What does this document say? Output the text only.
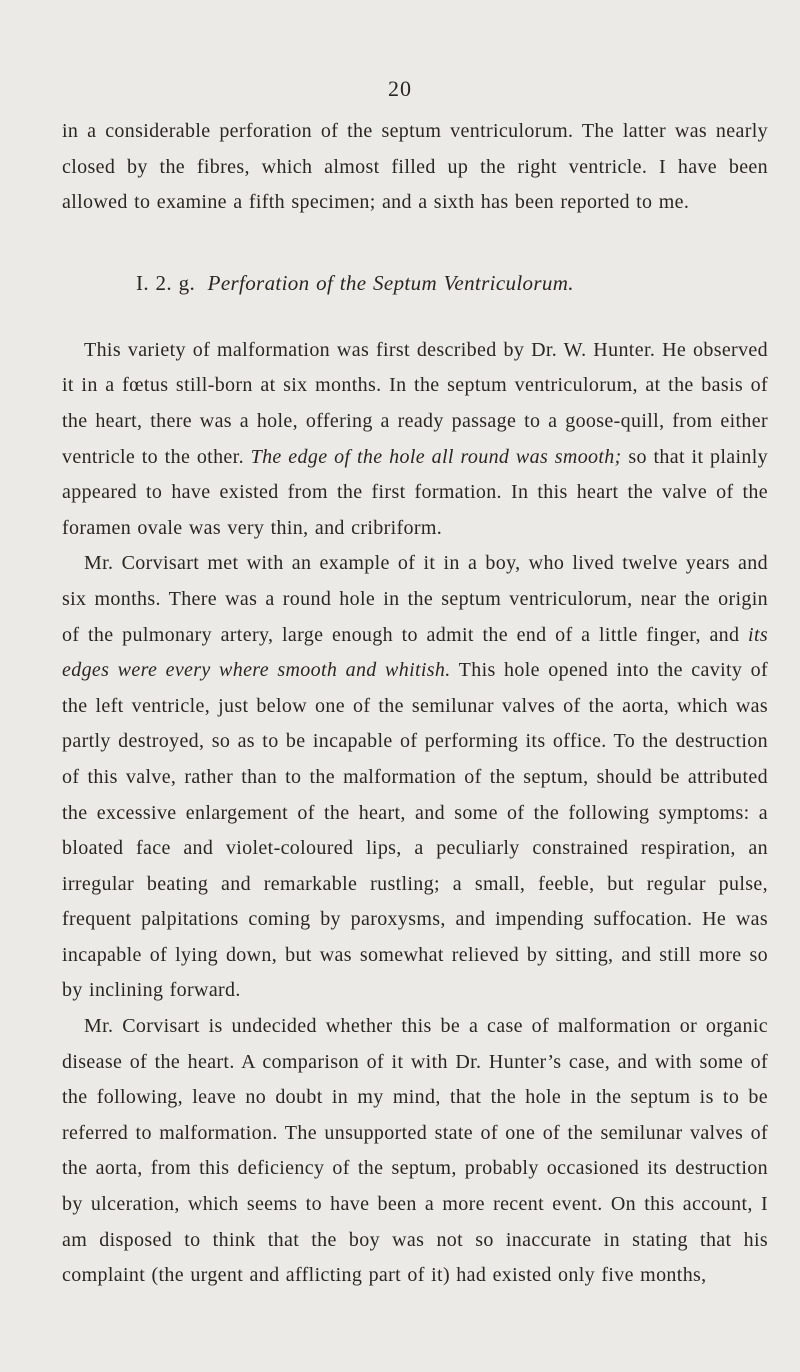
20

in a considerable perforation of the septum ventriculorum. The latter was nearly closed by the fibres, which almost filled up the right ventricle. I have been allowed to examine a fifth specimen; and a sixth has been reported to me.

I. 2. g. Perforation of the Septum Ventriculorum.

This variety of malformation was first described by Dr. W. Hunter. He observed it in a fœtus still-born at six months. In the septum ventriculorum, at the basis of the heart, there was a hole, offering a ready passage to a goose-quill, from either ventricle to the other. The edge of the hole all round was smooth; so that it plainly appeared to have existed from the first formation. In this heart the valve of the foramen ovale was very thin, and cribriform.

Mr. Corvisart met with an example of it in a boy, who lived twelve years and six months. There was a round hole in the septum ventriculorum, near the origin of the pulmonary artery, large enough to admit the end of a little finger, and its edges were every where smooth and whitish. This hole opened into the cavity of the left ventricle, just below one of the semilunar valves of the aorta, which was partly destroyed, so as to be incapable of performing its office. To the destruction of this valve, rather than to the malformation of the septum, should be attributed the excessive enlargement of the heart, and some of the following symptoms: a bloated face and violet-coloured lips, a peculiarly constrained respiration, an irregular beating and remarkable rustling; a small, feeble, but regular pulse, frequent palpitations coming by paroxysms, and impending suffocation. He was incapable of lying down, but was somewhat relieved by sitting, and still more so by inclining forward.

Mr. Corvisart is undecided whether this be a case of malformation or organic disease of the heart. A comparison of it with Dr. Hunter’s case, and with some of the following, leave no doubt in my mind, that the hole in the septum is to be referred to malformation. The unsupported state of one of the semilunar valves of the aorta, from this deficiency of the septum, probably occasioned its destruction by ulceration, which seems to have been a more recent event. On this account, I am disposed to think that the boy was not so inaccurate in stating that his complaint (the urgent and afflicting part of it) had existed only five months,
